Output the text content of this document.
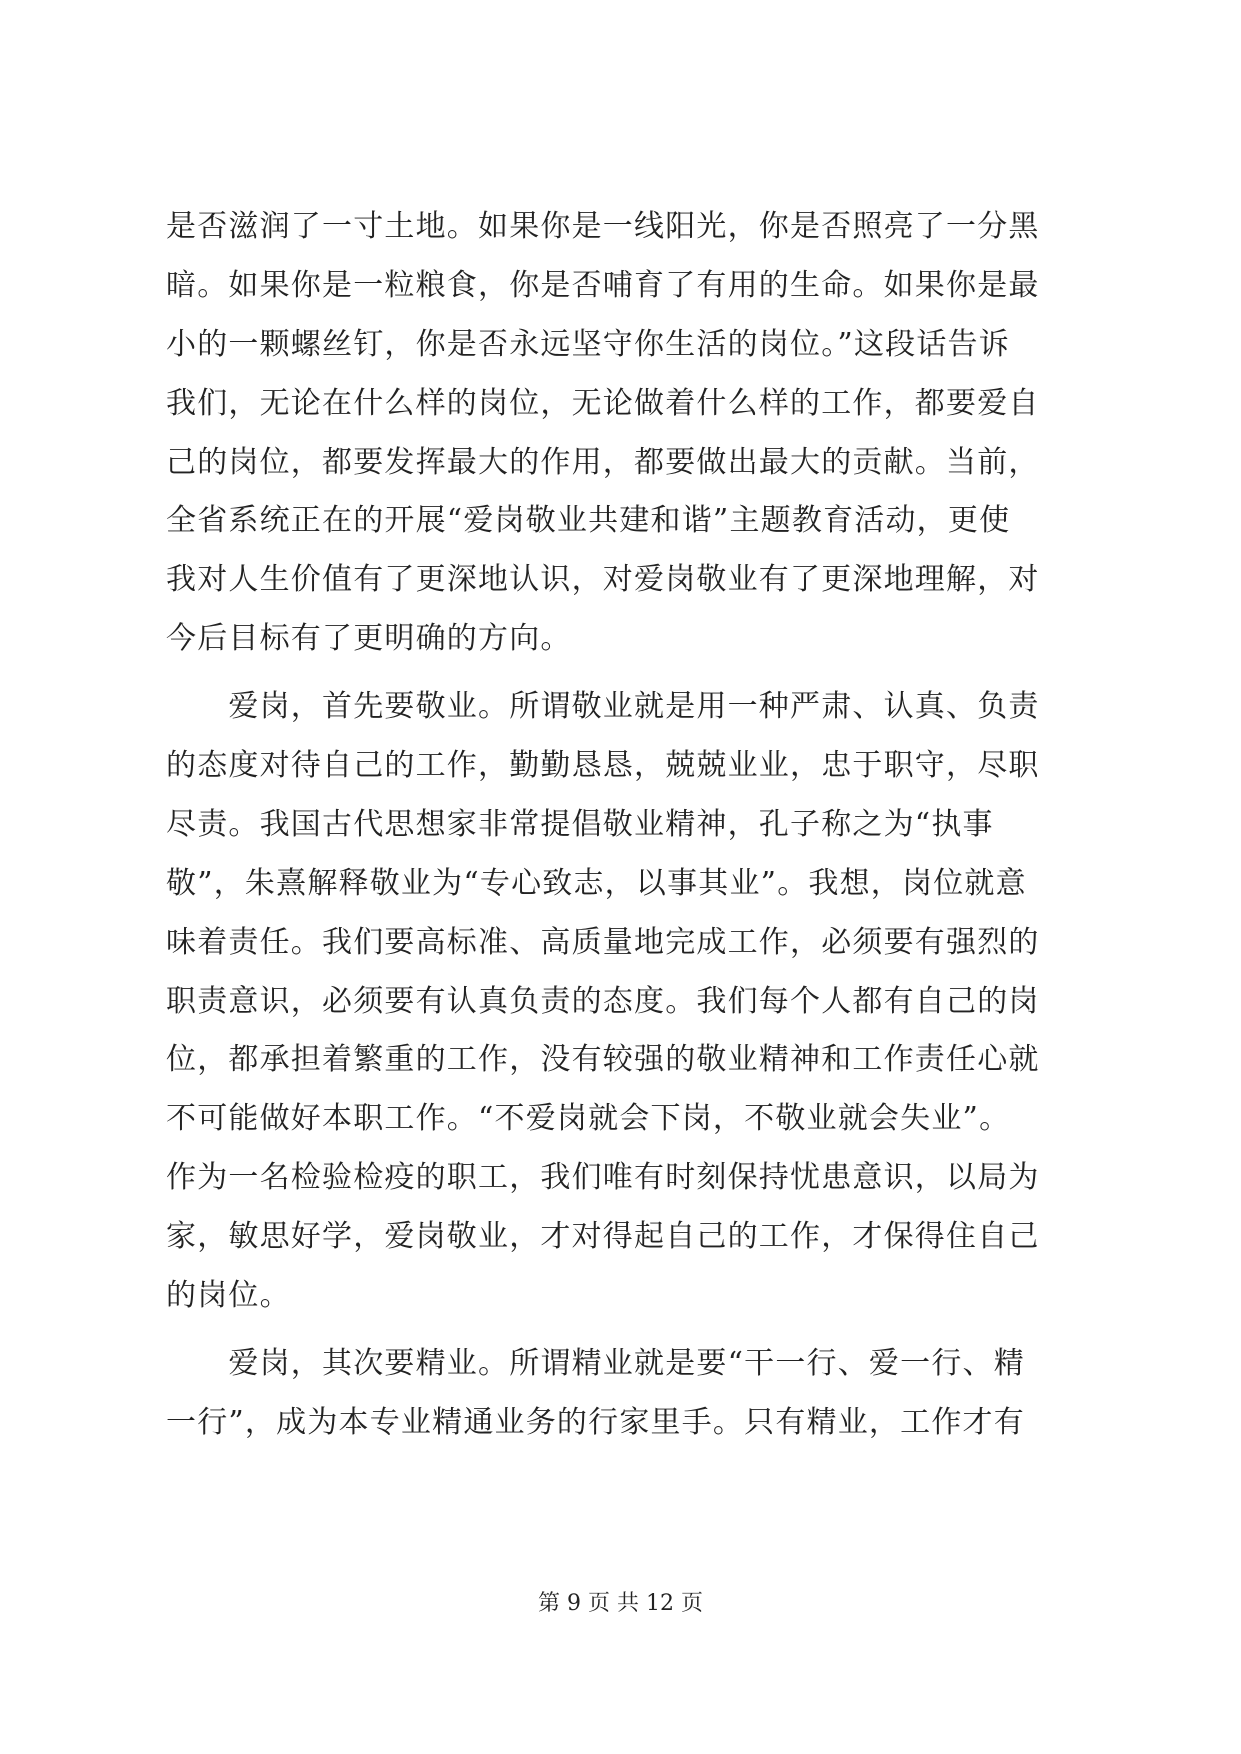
是否滋润了一寸土地。如果你是一线阳光，你是否照亮了一分黑
暗。如果你是一粒粮食，你是否哺育了有用的生命。如果你是最
小的一颗螺丝钉，你是否永远坚守你生活的岗位。”这段话告诉
我们，无论在什么样的岗位，无论做着什么样的工作，都要爱自
己的岗位，都要发挥最大的作用，都要做出最大的贡献。当前，
全省系统正在的开展“爱岗敬业共建和谐”主题教育活动，更使
我对人生价值有了更深地认识，对爱岗敬业有了更深地理解，对
今后目标有了更明确的方向。
　　爱岗，首先要敬业。所谓敬业就是用一种严肃、认真、负责
的态度对待自己的工作，勤勤恳恳，兢兢业业，忠于职守，尽职
尽责。我国古代思想家非常提倡敬业精神，孔子称之为“执事
敬”，朱熹解释敬业为“专心致志，以事其业”。我想，岗位就意
味着责任。我们要高标准、高质量地完成工作，必须要有强烈的
职责意识，必须要有认真负责的态度。我们每个人都有自己的岗
位，都承担着繁重的工作，没有较强的敬业精神和工作责任心就
不可能做好本职工作。“不爱岗就会下岗，不敬业就会失业”。
作为一名检验检疫的职工，我们唯有时刻保持忧患意识，以局为
家，敏思好学，爱岗敬业，才对得起自己的工作，才保得住自己
的岗位。
　　爱岗，其次要精业。所谓精业就是要“干一行、爱一行、精
一行”，成为本专业精通业务的行家里手。只有精业，工作才有
第 9 页 共 12 页
